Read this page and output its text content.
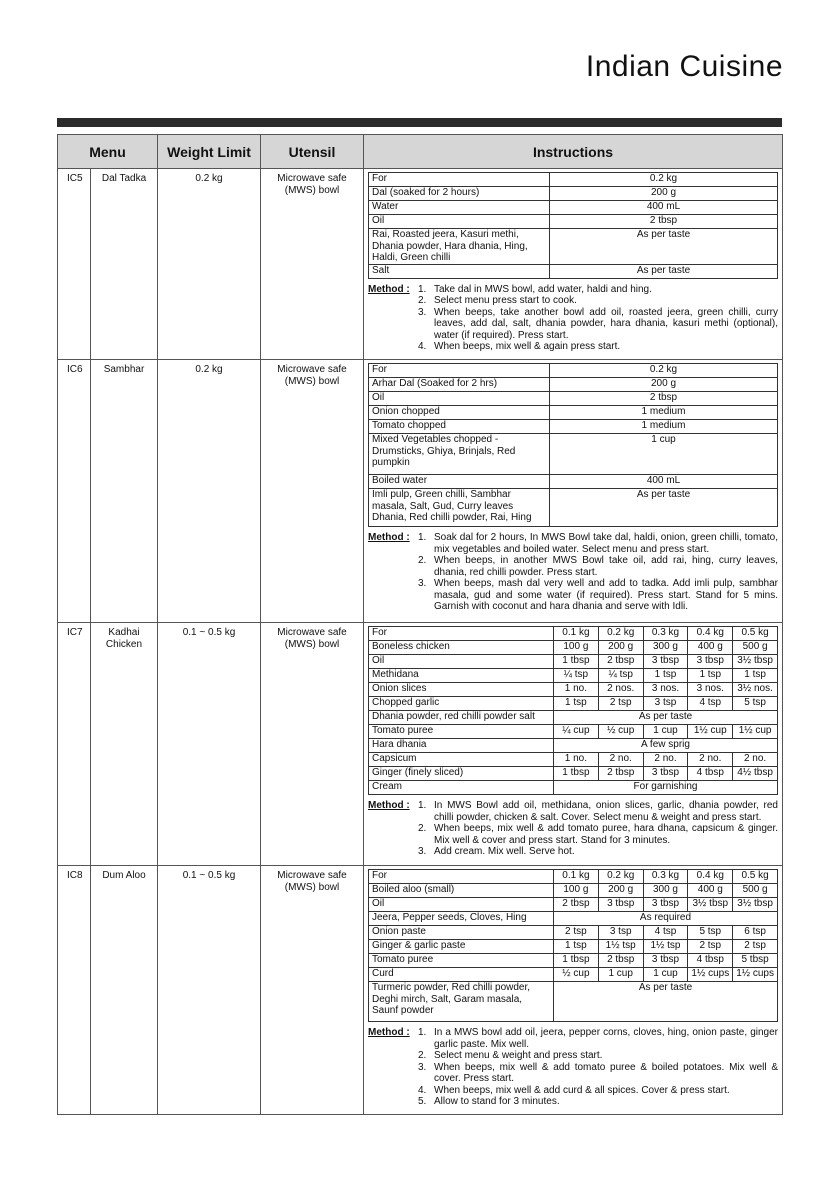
Indian Cuisine
Menu	Weight Limit	Utensil	Instructions
IC5	Dal Tadka	0.2 kg	Microwave safe (MWS) bowl	
For	0.2 kg
Dal (soaked for 2 hours)	200 g
Water	400 mL
Oil	2 tbsp
Rai, Roasted jeera, Kasuri methi, Dhania powder, Hara dhania, Hing, Haldi, Green chilli	As per taste
Salt	As per taste
Method : 1. Take dal in MWS bowl, add water, haldi and hing.
2. Select menu press start to cook.
3. When beeps, take another bowl add oil, roasted jeera, green chilli, curry leaves, add dal, salt, dhania powder, hara dhania, kasuri methi (optional), water (if required). Press start.
4. When beeps, mix well & again press start.

IC6	Sambhar	0.2 kg	Microwave safe (MWS) bowl	
For	0.2 kg
Arhar Dal (Soaked for 2 hrs)	200 g
Oil	2 tbsp
Onion chopped	1 medium
Tomato chopped	1 medium
Mixed Vegetables chopped - Drumsticks, Ghiya, Brinjals, Red pumpkin	1 cup
Boiled water	400 mL
Imli pulp, Green chilli, Sambhar masala, Salt, Gud, Curry leaves Dhania, Red chilli powder, Rai, Hing	As per taste
Method : 1. Soak dal for 2 hours, In MWS Bowl take dal, haldi, onion, green chilli, tomato, mix vegetables and boiled water. Select menu and press start.
2. When beeps, in another MWS Bowl take oil, add rai, hing, curry leaves, dhania, red chilli powder. Press start.
3. When beeps, mash dal very well and add to tadka. Add imli pulp, sambhar masala, gud and some water (if required). Press start. Stand for 5 mins. Garnish with coconut and hara dhania and serve with Idli.

IC7	Kadhai Chicken	0.1 ~ 0.5 kg	Microwave safe (MWS) bowl	
For	0.1 kg	0.2 kg	0.3 kg	0.4 kg	0.5 kg
Boneless chicken	100 g	200 g	300 g	400 g	500 g
Oil	1 tbsp	2 tbsp	3 tbsp	3 tbsp	3½ tbsp
Methidana	¼ tsp	¼ tsp	1 tsp	1 tsp	1 tsp
Onion slices	1 no.	2 nos.	3 nos.	3 nos.	3½ nos.
Chopped garlic	1 tsp	2 tsp	3 tsp	4 tsp	5 tsp
Dhania powder, red chilli powder salt	As per taste
Tomato puree	¼ cup	½ cup	1 cup	1½ cup	1½ cup
Hara dhania	A few sprig
Capsicum	1 no.	2 no.	2 no.	2 no.	2 no.
Ginger (finely sliced)	1 tbsp	2 tbsp	3 tbsp	4 tbsp	4½ tbsp
Cream	For garnishing
Method : 1. In MWS Bowl add oil, methidana, onion slices, garlic, dhania powder, red chilli powder, chicken & salt. Cover. Select menu & weight and press start.
2. When beeps, mix well & add tomato puree, hara dhana, capsicum & ginger. Mix well & cover and press start. Stand for 3 minutes.
3. Add cream. Mix well. Serve hot.

IC8	Dum Aloo	0.1 ~ 0.5 kg	Microwave safe (MWS) bowl	
For	0.1 kg	0.2 kg	0.3 kg	0.4 kg	0.5 kg
Boiled aloo (small)	100 g	200 g	300 g	400 g	500 g
Oil	2 tbsp	3 tbsp	3 tbsp	3½ tbsp	3½ tbsp
Jeera, Pepper seeds, Cloves, Hing	As required
Onion paste	2 tsp	3 tsp	4 tsp	5 tsp	6 tsp
Ginger & garlic paste	1 tsp	1½ tsp	1½ tsp	2 tsp	2 tsp
Tomato puree	1 tbsp	2 tbsp	3 tbsp	4 tbsp	5 tbsp
Curd	½ cup	1 cup	1 cup	1½ cups	1½ cups
Turmeric powder, Red chilli powder, Deghi mirch, Salt, Garam masala, Saunf powder	As per taste
Method : 1. In a MWS bowl add oil, jeera, pepper corns, cloves, hing, onion paste, ginger garlic paste. Mix well.
2. Select menu & weight and press start.
3. When beeps, mix well & add tomato puree & boiled potatoes. Mix well & cover. Press start.
4. When beeps, mix well & add curd & all spices. Cover & press start.
5. Allow to stand for 3 minutes.
